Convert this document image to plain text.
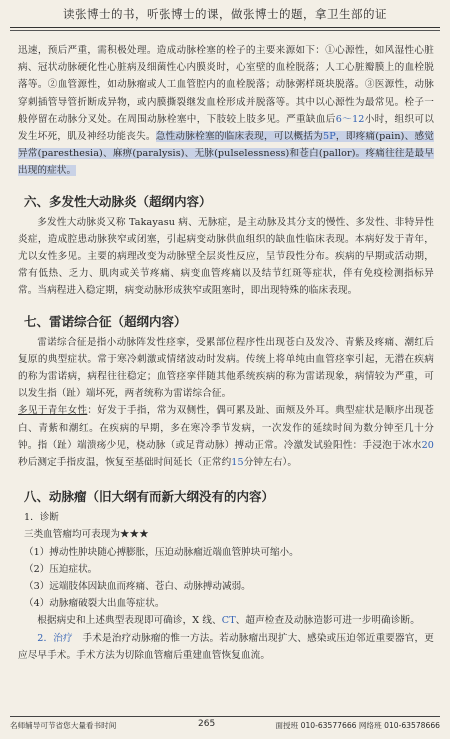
读张博士的书，听张博士的课，做张博士的题，拿卫生部的证

迅速，预后严重，需积极处理。造成动脉栓塞的栓子的主要来源如下：①心源性，如风湿性心脏病、冠状动脉硬化性心脏病及细菌性心内膜炎时，心室壁的血栓脱落；人工心脏瓣膜上的血栓脱落等。②血管源性，如动脉瘤或人工血管腔内的血栓脱落；动脉粥样斑块脱落。③医源性，动脉穿刺插管导管折断成异物，或内膜撕裂继发血栓形成并脱落等。其中以心源性为最常见。栓子一般停留在动脉分叉处。在周围动脉栓塞中，下肢较上肢多见。严重缺血后6～12小时，组织可以发生坏死，肌及神经功能丧失。急性动脉栓塞的临床表现，可以概括为5P，即疼痛(pain)、感觉异常(paresthesia)、麻痹(paralysis)、无脉(pulselessness)和苍白(pallor)。疼痛往往是最早出现的症状。

六、多发性大动脉炎（超纲内容）

多发性大动脉炎又称 Takayasu 病、无脉症，是主动脉及其分支的慢性、多发性、非特异性炎症，造成腔患动脉狭窄或闭塞，引起病变动脉供血组织的缺血性临床表现。本病好发于青年，尤以女性多见。主要的病理改变为动脉壁全层炎性反应，呈节段性分布。疾病的早期或活动期，常有低热、乏力、肌肉或关节疼痛、病变血管疼痛以及结节红斑等症状，伴有免疫检测指标异常。当病程进入稳定期，病变动脉形成狭窄或阻塞时，即出现特殊的临床表现。

七、雷诺综合征（超纲内容）

雷诺综合征是指小动脉阵发性痉挛，受累部位程序性出现苍白及发冷、青紫及疼痛、潮红后复原的典型症状。常于寒冷刺激或情绪波动时发病。传统上将单纯由血管痉挛引起，无潜在疾病的称为雷诺病，病程往往稳定；血管痉挛伴随其他系统疾病的称为雷诺现象，病情较为严重，可以发生指（趾）端坏死，两者统称为雷诺综合征。

多见于青年女性：好发于手指，常为双侧性，偶可累及趾、面颊及外耳。典型症状是顺序出现苍白、青紫和潮红。在疾病的早期，多在寒冷季节发病，一次发作的延续时间为数分钟至几十分钟。指（趾）端溃疡少见，桡动脉（或足背动脉）搏动正常。冷激发试验阳性：手浸泡于冰水20秒后测定手指皮温，恢复至基础时间延长（正常约15分钟左右）。

八、动脉瘤（旧大纲有而新大纲没有的内容）

1．诊断

三类血管瘤均可表现为★★★

（1）搏动性肿块随心搏膨胀，压迫动脉瘤近端血管肿块可缩小。

（2）压迫症状。

（3）远端肢体因缺血而疼痛、苍白、动脉搏动减弱。

（4）动脉瘤破裂大出血等症状。

根据病史和上述典型表现即可确诊，X 线、CT、超声检查及动脉造影可进一步明确诊断。

2．治疗　 手术是治疗动脉瘤的惟一方法。若动脉瘤出现扩大、感染或压迫邻近重要器官，更应尽早手术。手术方法为切除血管瘤后重建血管恢复血流。

名师辅导可节省您大量看书时间	265	面授班 010-63577666 网络班 010-63578666
